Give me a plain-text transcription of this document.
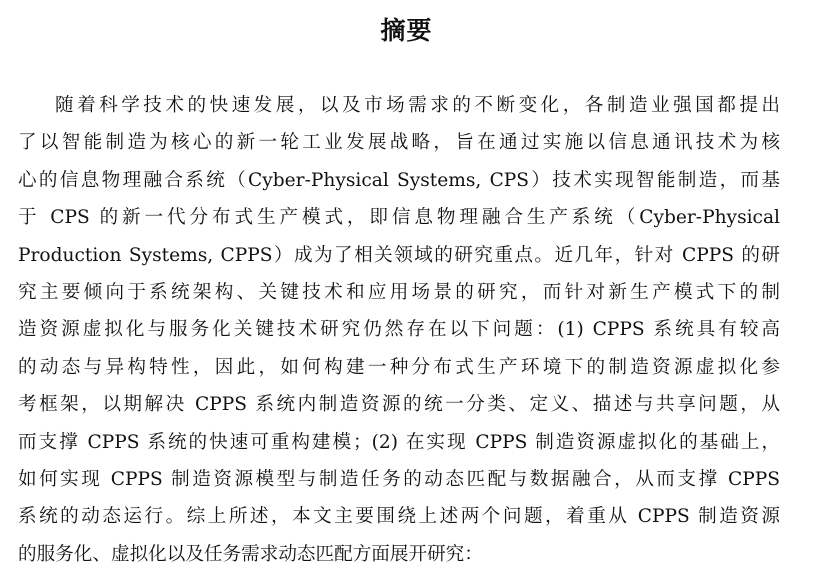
摘要
随着科学技术的快速发展，以及市场需求的不断变化，各制造业强国都提出
了以智能制造为核心的新一轮工业发展战略，旨在通过实施以信息通讯技术为核
心的信息物理融合系统（Cyber-Physical Systems, CPS）技术实现智能制造，而基
于 CPS 的新一代分布式生产模式，即信息物理融合生产系统（Cyber-Physical
Production Systems, CPPS）成为了相关领域的研究重点。近几年，针对 CPPS 的研
究主要倾向于系统架构、关键技术和应用场景的研究，而针对新生产模式下的制
造资源虚拟化与服务化关键技术研究仍然存在以下问题：(1) CPPS 系统具有较高
的动态与异构特性，因此，如何构建一种分布式生产环境下的制造资源虚拟化参
考框架，以期解决 CPPS 系统内制造资源的统一分类、定义、描述与共享问题，从
而支撑 CPPS 系统的快速可重构建模；(2) 在实现 CPPS 制造资源虚拟化的基础上，
如何实现 CPPS 制造资源模型与制造任务的动态匹配与数据融合，从而支撑 CPPS
系统的动态运行。综上所述，本文主要围绕上述两个问题，着重从 CPPS 制造资源
的服务化、虚拟化以及任务需求动态匹配方面展开研究：
